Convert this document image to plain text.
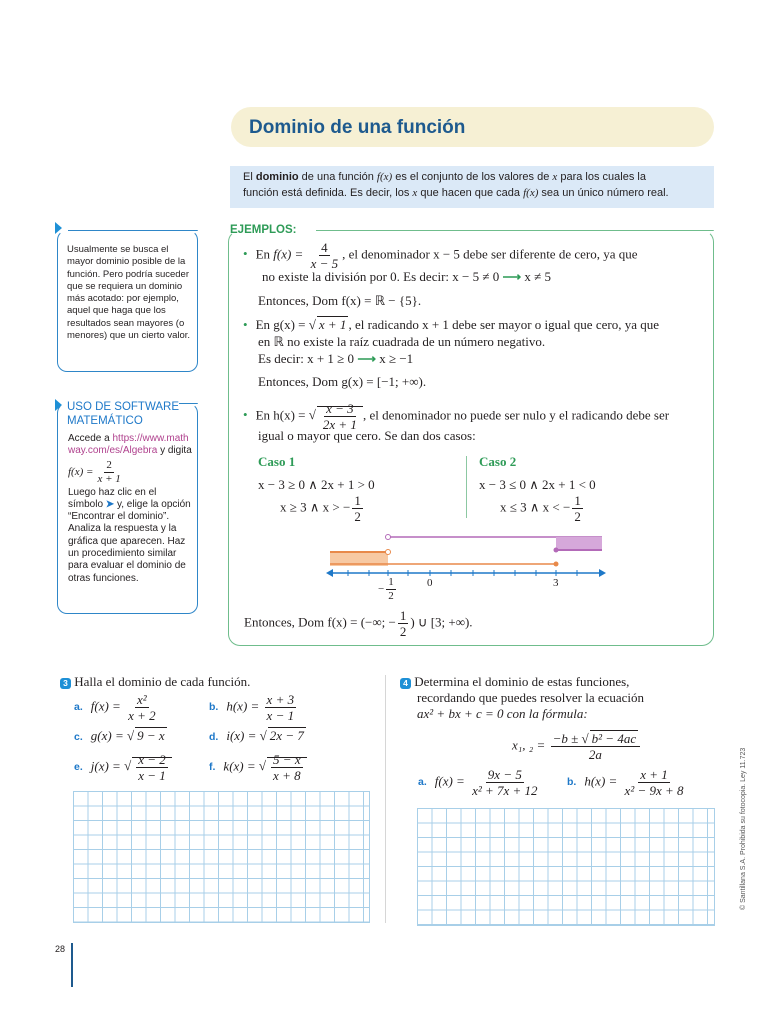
Dominio de una función
El dominio de una función f(x) es el conjunto de los valores de x para los cuales la
función está definida. Es decir, los x que hacen que cada f(x) sea un único número real.
EJEMPLOS:
• En $f(x) = \frac{4}{x - 5}$ , el denominador x − 5 debe ser diferente de cero, ya que
no existe la división por 0. Es decir: x − 5 ≠ 0 ⟶ x ≠ 5
Entonces, Dom f(x) = ℝ − {5}.
• En g(x) = √ x + 1 , el radicando x + 1 debe ser mayor o igual que cero, ya que
en ℝ no existe la raíz cuadrada de un número negativo.
Es decir: x + 1 ≥ 0 ⟶ x ≥ −1
Entonces, Dom g(x) = [−1; +∞).
• En h(x) = √ $\frac{x - 3}{2x + 1}$ , el denominador no puede ser nulo y el radicando debe ser
igual o mayor que cero. Se dan dos casos:
Caso 1
x − 3 ≥ 0 ∧ 2x + 1 > 0
x ≥ 3 ∧ x > − $\frac{1}{2}$
Caso 2
x − 3 ≤ 0 ∧ 2x + 1 < 0
x ≤ 3 ∧ x < − $\frac{1}{2}$
− $\frac{1}{2}$	0	3
Entonces, Dom f(x) = (−∞; − $\frac{1}{2}$ ) ∪ [3; +∞).
Usualmente se busca el mayor dominio posible de la función. Pero podría suceder que se requiera un dominio más acotado: por ejemplo, aquel que haga que los resultados sean mayores (o menores) que un cierto valor.
USO DE SOFTWARE MATEMÁTICO
Accede a https://www.mathway.com/es/Algebra y digita
$f(x) = \frac{2}{x + 1}$
Luego haz clic en el símbolo ➤ y, elige la opción “Encontrar el dominio”. Analiza la respuesta y la gráfica que aparecen. Haz un procedimiento similar para evaluar el dominio de otras funciones.
3 Halla el dominio de cada función.
a. $f(x) = \frac{\text{x²}}{x + 2}$	b. $h(x) = \frac{x + 3}{x - 1}$
c. g(x) = √ 9 − x	d. i(x) = √ 2x − 7
e. j(x) = √ $\frac{x - 2}{x - 1}$	f. k(x) = √ $\frac{5 - x}{x + 8}$
4 Determina el dominio de estas funciones,
recordando que puedes resolver la ecuación
ax² + bx + c = 0 con la fórmula:
x₁, $_2 = \frac{\text{−b ± √ b² − 4ac}}{2a}$
a. $f(x) = \frac{9x - 5}{\text{x² + 7x + 12}}$	b. $h(x) = \frac{x + 1}{\text{x² − 9x + 8}}$
28
© Santillana S.A. Prohibida su fotocopia. Ley 11.723
